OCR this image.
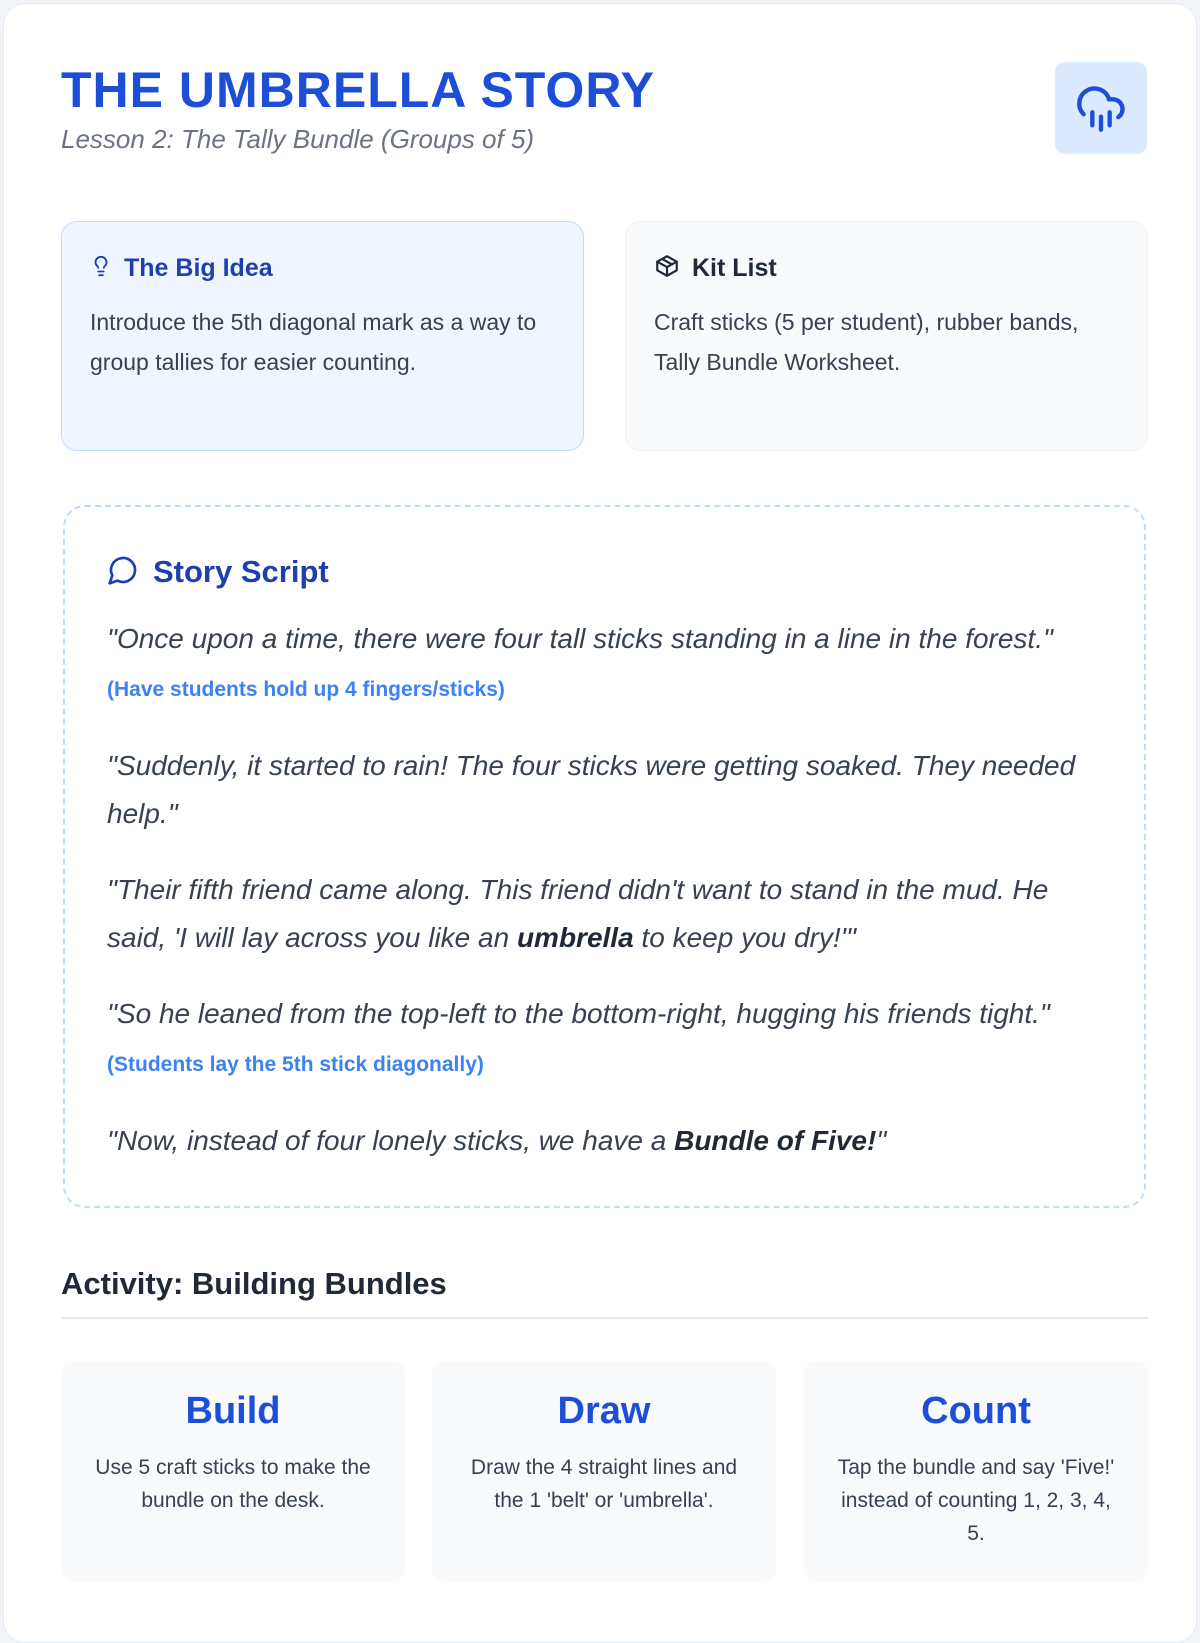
THE UMBRELLA STORY
Lesson 2: The Tally Bundle (Groups of 5)
The Big Idea
Introduce the 5th diagonal mark as a way to group tallies for easier counting.
Kit List
Craft sticks (5 per student), rubber bands, Tally Bundle Worksheet.
Story Script
"Once upon a time, there were four tall sticks standing in a line in the forest." (Have students hold up 4 fingers/sticks)
"Suddenly, it started to rain! The four sticks were getting soaked. They needed help."
"Their fifth friend came along. This friend didn't want to stand in the mud. He said, 'I will lay across you like an umbrella to keep you dry!'"
"So he leaned from the top-left to the bottom-right, hugging his friends tight." (Students lay the 5th stick diagonally)
"Now, instead of four lonely sticks, we have a Bundle of Five!"
Activity: Building Bundles
Build
Use 5 craft sticks to make the bundle on the desk.
Draw
Draw the 4 straight lines and the 1 'belt' or 'umbrella'.
Count
Tap the bundle and say 'Five!' instead of counting 1, 2, 3, 4, 5.
